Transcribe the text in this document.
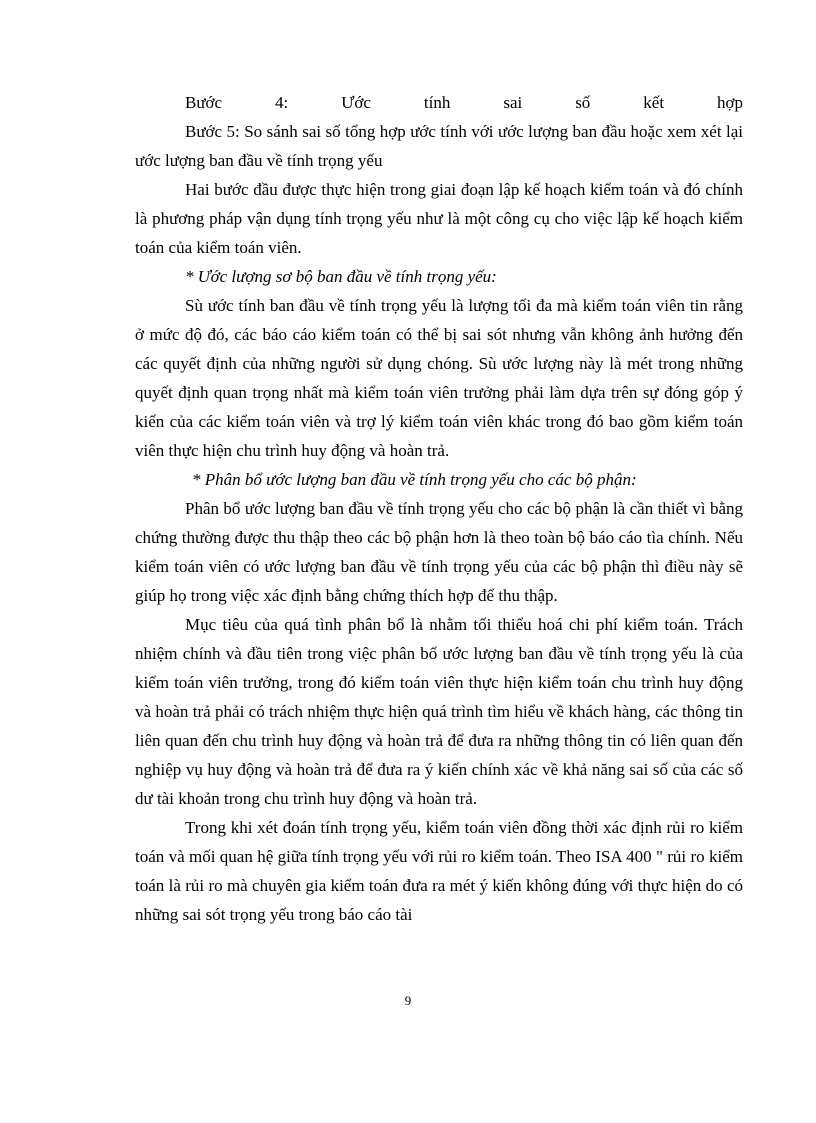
Bước 4: Ước tính sai số kết hợp

Bước 5: So sánh sai số tổng hợp ước tính với ước lượng ban đầu hoặc xem xét lại ước lượng ban đầu về tính trọng yếu

Hai bước đầu được thực hiện trong giai đoạn lập kế hoạch kiểm toán và đó chính là phương pháp vận dụng tính trọng yếu như là một công cụ cho việc lập kế hoạch kiểm toán của kiểm toán viên.

* Ước lượng sơ bộ ban đầu về tính trọng yếu:

Sù ước tính ban đầu về tính trọng yếu là lượng tối đa mà kiểm toán viên tin rằng ở mức độ đó, các báo cáo kiểm toán có thể bị sai sót nhưng vẫn không ảnh hưởng đến các quyết định của những người sử dụng chóng. Sù ước lượng này là mét trong những quyết định quan trọng nhất mà kiểm toán viên trưởng phải làm dựa trên sự đóng góp ý kiến của các kiểm toán viên và trợ lý kiểm toán viên khác trong đó bao gồm kiểm toán viên thực hiện chu trình huy động và hoàn trả.

* Phân bổ ước lượng ban đầu về tính trọng yếu cho các bộ phận:

Phân bổ ước lượng ban đầu về tính trọng yếu cho các bộ phận là cần thiết vì bằng chứng thường được thu thập theo các bộ phận hơn là theo toàn bộ báo cáo tìa chính. Nếu kiểm toán viên có ước lượng ban đầu về tính trọng yếu của các bộ phận thì điều này sẽ giúp họ trong việc xác định bằng chứng thích hợp để thu thập.

Mục tiêu của quá tình phân bổ là nhằm tối thiểu hoá chi phí kiểm toán. Trách nhiệm chính và đầu tiên trong việc phân bổ ước lượng ban đầu về tính trọng yếu là của kiểm toán viên trưởng, trong đó kiểm toán viên thực hiện kiểm toán chu trình huy động và hoàn trả phải có trách nhiệm thực hiện quá trình tìm hiểu về khách hàng, các thông tin liên quan đến chu trình huy động và hoàn trả để đưa ra những thông tin có liên quan đến nghiệp vụ huy động và hoàn trả để đưa ra ý kiến chính xác về khả năng sai số của các số dư tài khoản trong chu trình huy động và hoàn trả.

Trong khi xét đoán tính trọng yếu, kiểm toán viên đồng thời xác định rủi ro kiểm toán và mối quan hệ giữa tính trọng yếu với rủi ro kiểm toán. Theo ISA 400 " rủi ro kiểm toán là rủi ro mà chuyên gia kiểm toán đưa ra mét ý kiến không đúng với thực hiện do có những sai sót trọng yếu trong báo cáo tài

9
